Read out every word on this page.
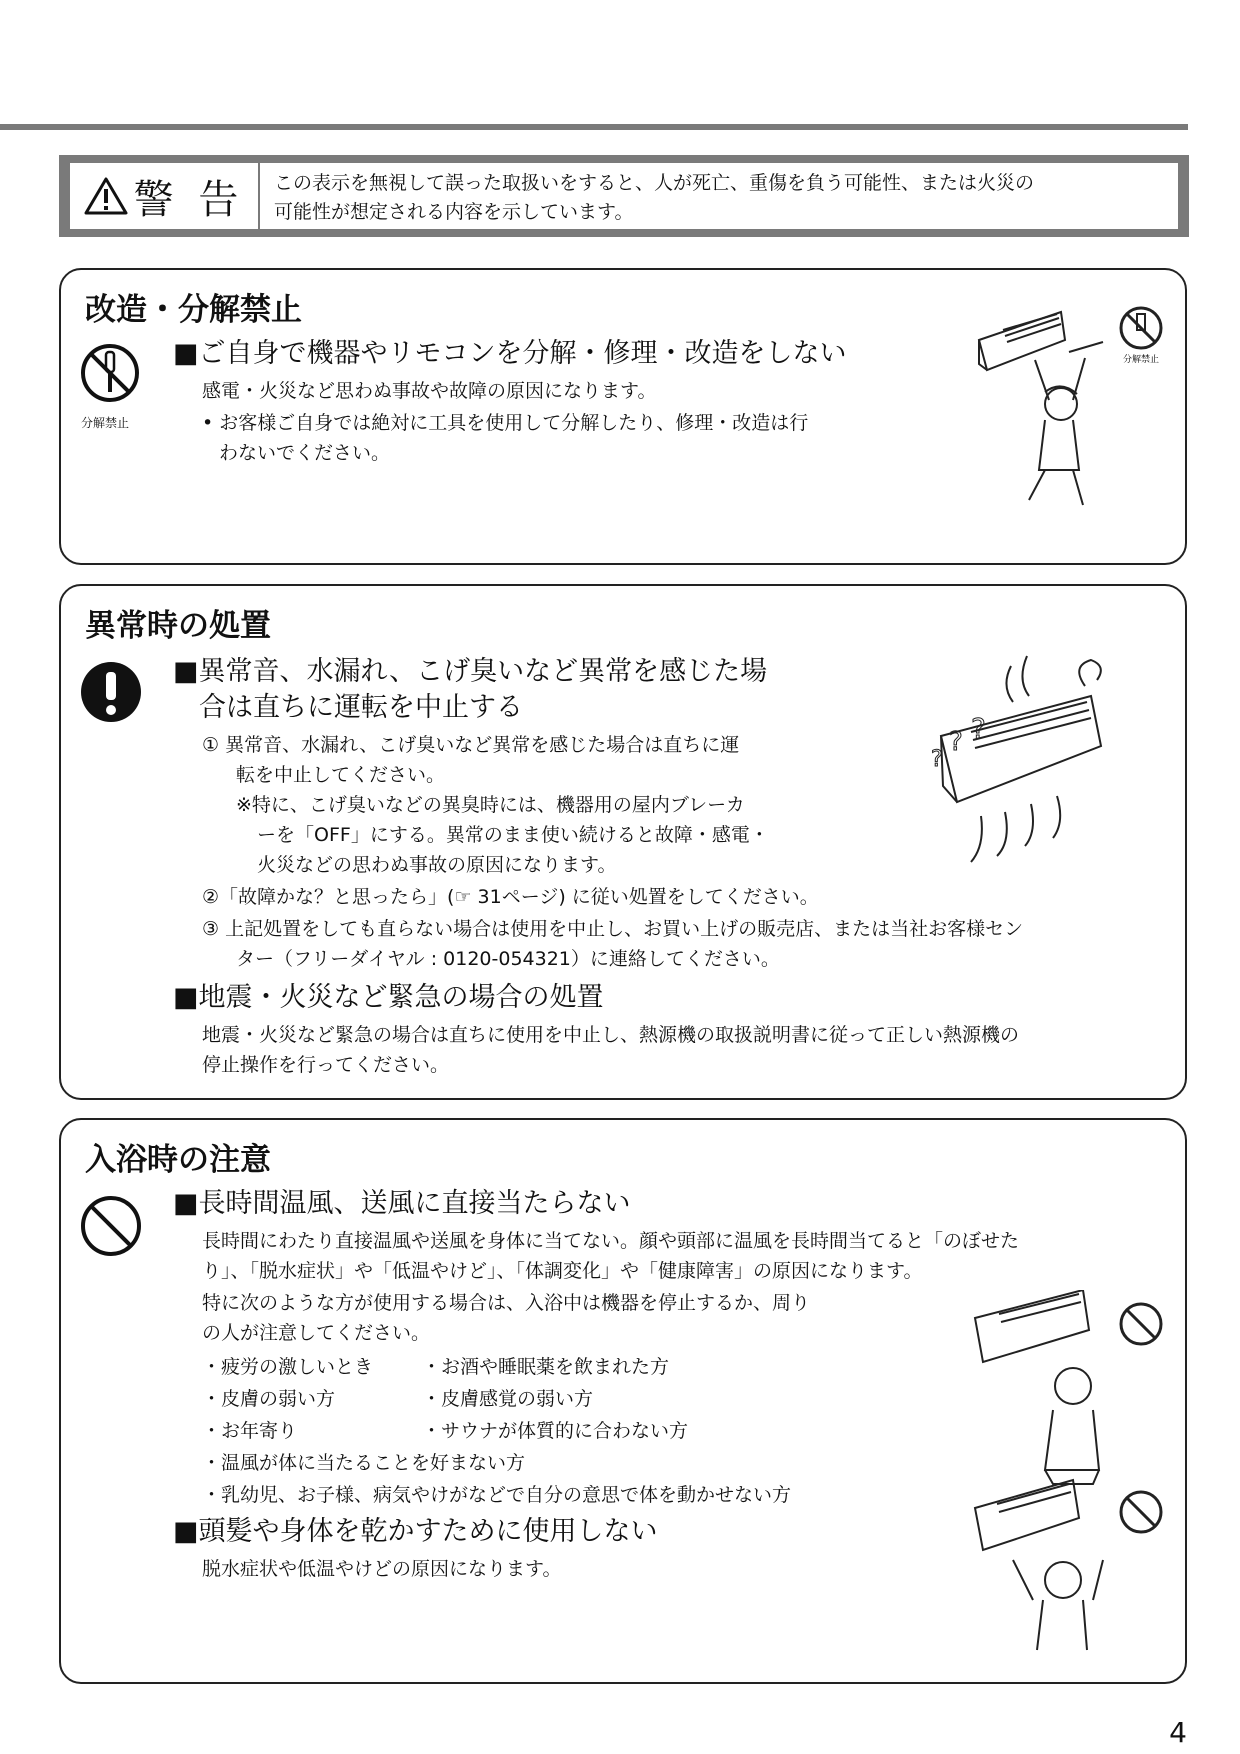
警 告 この表示を無視して誤った取扱いをすると、人が死亡、重傷を負う可能性、または火災の
可能性が想定される内容を示しています。
改造・分解禁止
分解禁止
■ご自身で機器やリモコンを分解・修理・改造をしない
感電・火災など思わぬ事故や故障の原因になります。
• お客様ご自身では絶対に工具を使用して分解したり、修理・改造は行
わないでください。
分解禁止
異常時の処置
■異常音、水漏れ、こげ臭いなど異常を感じた場
合は直ちに運転を中止する
① 異常音、水漏れ、こげ臭いなど異常を感じた場合は直ちに運
転を中止してください。
※特に、こげ臭いなどの異臭時には、機器用の屋内ブレーカ
ーを「OFF」にする。異常のまま使い続けると故障・感電・
火災などの思わぬ事故の原因になります。
②「故障かな？と思ったら」(☞ 31ページ) に従い処置をしてください。
③ 上記処置をしても直らない場合は使用を中止し、お買い上げの販売店、または当社お客様セン
ター（フリーダイヤル : 0120-054321）に連絡してください。
■地震・火災など緊急の場合の処置
地震・火災など緊急の場合は直ちに使用を中止し、熱源機の取扱説明書に従って正しい熱源機の
停止操作を行ってください。
?
? ?
入浴時の注意
■長時間温風、送風に直接当たらない
長時間にわたり直接温風や送風を身体に当てない。顔や頭部に温風を長時間当てると「のぼせた
り」、「脱水症状」や「低温やけど」、「体調変化」や「健康障害」の原因になります。
特に次のような方が使用する場合は、入浴中は機器を停止するか、周り
の人が注意してください。
・疲労の激しいとき	・お酒や睡眠薬を飲まれた方
・皮膚の弱い方	・皮膚感覚の弱い方
・お年寄り	・サウナが体質的に合わない方
・温風が体に当たることを好まない方
・乳幼児、お子様、病気やけがなどで自分の意思で体を動かせない方
■頭髪や身体を乾かすために使用しない
脱水症状や低温やけどの原因になります。
4
